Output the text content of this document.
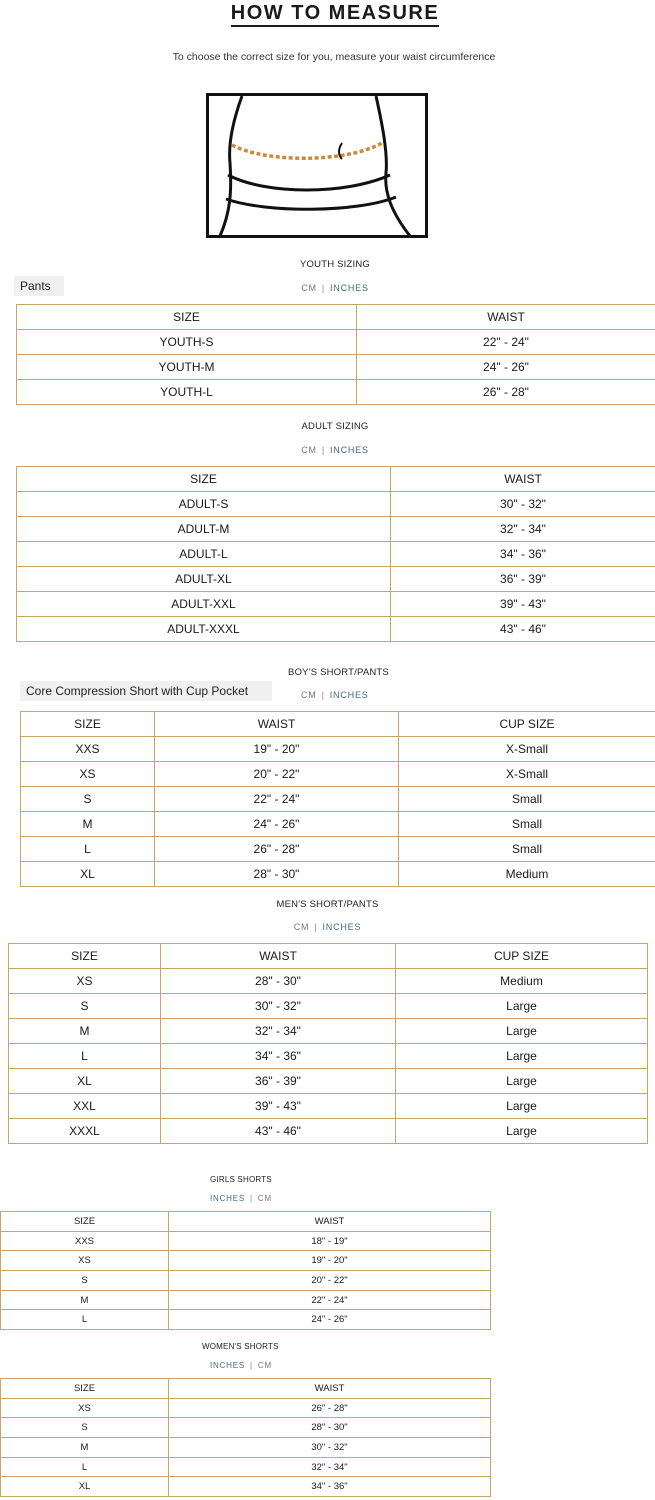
HOW TO MEASURE
To choose the correct size for you, measure your waist circumference
YOUTH SIZING
Pants	CM | INCHES
SIZE	WAIST
YOUTH-S	22" - 24"
YOUTH-M	24" - 26"
YOUTH-L	26" - 28"
ADULT SIZING
CM | INCHES
SIZE	WAIST
ADULT-S	30" - 32"
ADULT-M	32" - 34"
ADULT-L	34" - 36"
ADULT-XL	36" - 39"
ADULT-XXL	39" - 43"
ADULT-XXXL	43" - 46"
BOY'S SHORT/PANTS
Core Compression Short with Cup Pocket	CM | INCHES
SIZE	WAIST	CUP SIZE
XXS	19" - 20"	X-Small
XS	20" - 22"	X-Small
S	22" - 24"	Small
M	24" - 26"	Small
L	26" - 28"	Small
XL	28" - 30"	Medium
MEN'S SHORT/PANTS
CM | INCHES
SIZE	WAIST	CUP SIZE
XS	28" - 30"	Medium
S	30" - 32"	Large
M	32" - 34"	Large
L	34" - 36"	Large
XL	36" - 39"	Large
XXL	39" - 43"	Large
XXXL	43" - 46"	Large
GIRLS SHORTS
INCHES | CM
SIZE	WAIST
XXS	18" - 19"
XS	19" - 20"
S	20" - 22"
M	22" - 24"
L	24" - 26"
WOMEN'S SHORTS
INCHES | CM
SIZE	WAIST
XS	26" - 28"
S	28" - 30"
M	30" - 32"
L	32" - 34"
XL	34" - 36"
